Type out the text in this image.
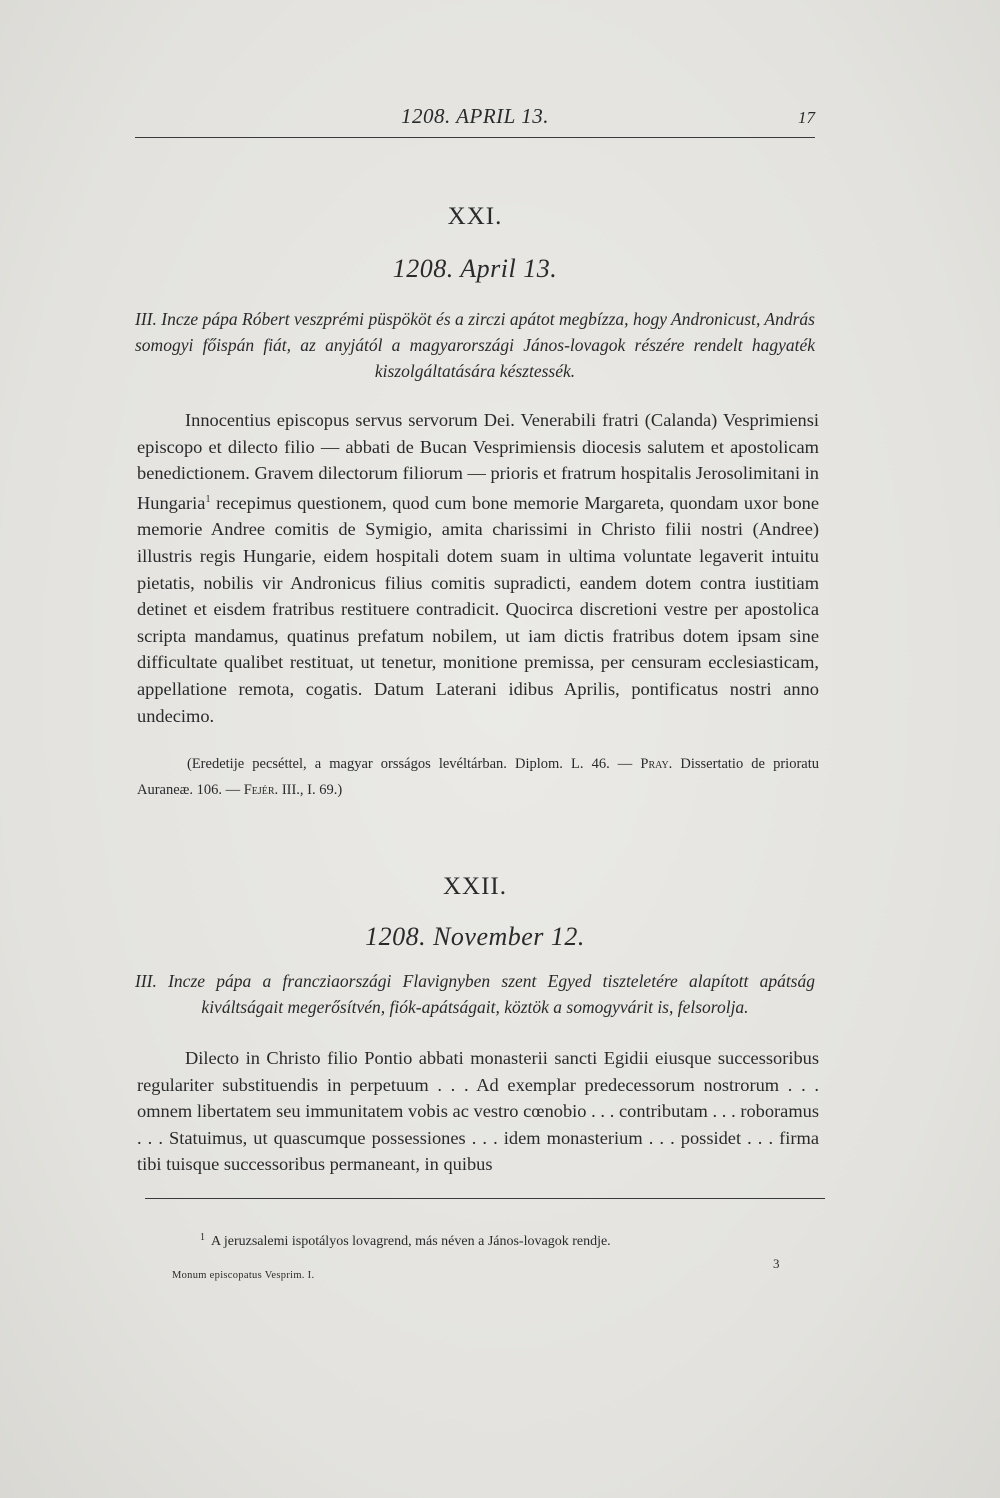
1208. APRIL 13.	17
XXI.
1208. April 13.
III. Incze pápa Róbert veszprémi püspököt és a zirczi apátot megbízza, hogy Andronicust, András somogyi főispán fiát, az anyjától a magyarországi János-lovagok részére rendelt hagyaték kiszolgáltatására késztessék.
Innocentius episcopus servus servorum Dei. Venerabili fratri (Calanda) Vesprimiensi episcopo et dilecto filio — abbati de Bucan Vesprimiensis diocesis salutem et apostolicam benedictionem. Gravem dilectorum filiorum — prioris et fratrum hospitalis Jerosolimitani in Hungaria$^1$ recepimus questionem, quod cum bone memorie Margareta, quondam uxor bone memorie Andree comitis de Symigio, amita charissimi in Christo filii nostri (Andree) illustris regis Hungarie, eidem hospitali dotem suam in ultima voluntate legaverit intuitu pietatis, nobilis vir Andronicus filius comitis supradicti, eandem dotem contra iustitiam detinet et eisdem fratribus restituere contradicit. Quocirca discretioni vestre per apostolica scripta mandamus, quatinus prefatum nobilem, ut iam dictis fratribus dotem ipsam sine difficultate qualibet restituat, ut tenetur, monitione premissa, per censuram ecclesiasticam, appellatione remota, cogatis. Datum Laterani idibus Aprilis, pontificatus nostri anno undecimo.
(Eredetije pecséttel, a magyar orsságos levéltárban. Diplom. L. 46. — Pray. Dissertatio de prioratu Auraneæ. 106. — Fejér. III., I. 69.)
XXII.
1208. November 12.
III. Incze pápa a francziaországi Flavignyben szent Egyed tiszteletére alapított apátság kiváltságait megerősítvén, fiók-apátságait, köztök a somogyvárit is, felsorolja.
Dilecto in Christo filio Pontio abbati monasterii sancti Egidii eiusque successoribus regulariter substituendis in perpetuum . . . Ad exemplar predecessorum nostrorum . . . omnem libertatem seu immunitatem vobis ac vestro cœnobio . . . contributam . . . roboramus . . . Statuimus, ut quascumque possessiones . . . idem monasterium . . . possidet . . . firma tibi tuisque successoribus permaneant, in quibus
$^1$ A jeruzsalemi ispotályos lovagrend, más néven a János-lovagok rendje.
3
Monum episcopatus Vesprim. I.
